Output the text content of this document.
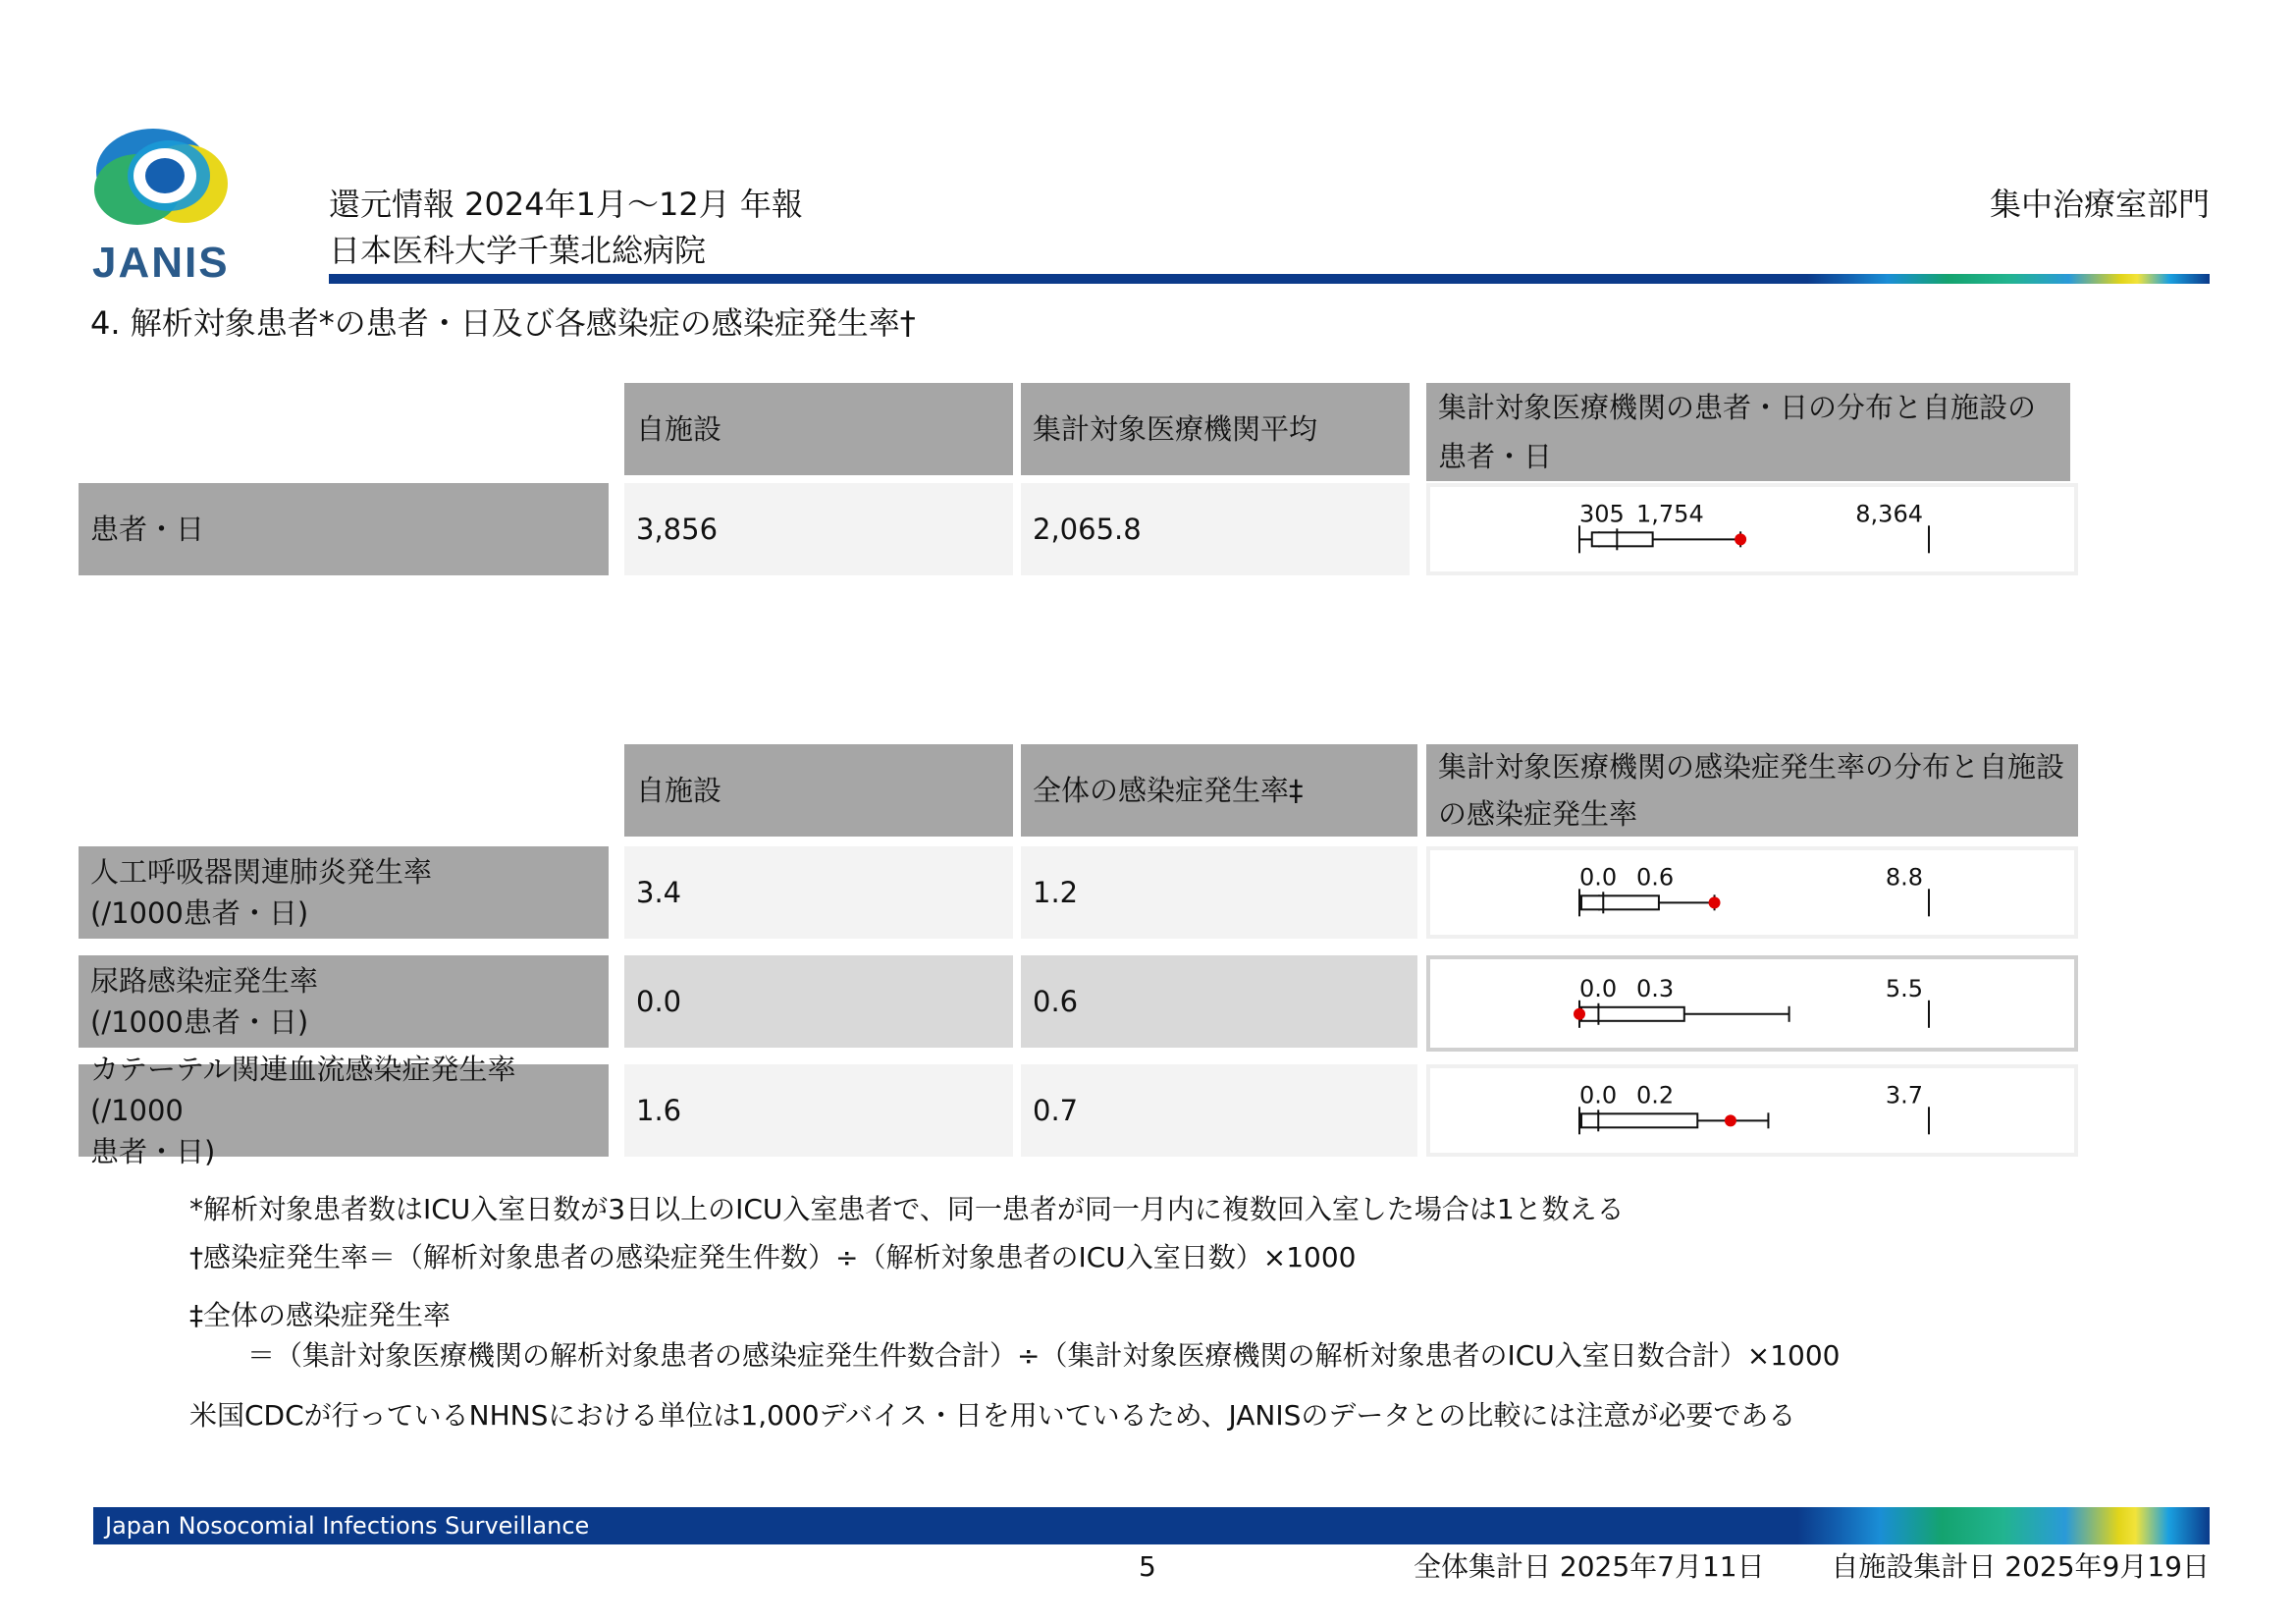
JANIS
還元情報 2024年1月～12月 年報
日本医科大学千葉北総病院
集中治療室部門
4. 解析対象患者*の患者・日及び各感染症の感染症発生率†
自施設	集計対象医療機関平均
集計対象医療機関の患者・日の分布と自施設の患者・日
患者・日	3,856	2,065.8	305 1,754	8,364
自施設	全体の感染症発生率‡
集計対象医療機関の感染症発生率の分布と自施設の感染症発生率
人工呼吸器関連肺炎発生率
(/1000患者・日)
3.4	1.2	0.0 0.6	8.8
尿路感染症発生率
(/1000患者・日)
0.0	0.6	0.0 0.3	5.5
カテーテル関連血流感染症発生率(/1000
患者・日)
1.6	0.7	0.0 0.2	3.7
*解析対象患者数はICU入室日数が3日以上のICU入室患者で、同一患者が同一月内に複数回入室した場合は1と数える
†感染症発生率＝（解析対象患者の感染症発生件数）÷（解析対象患者のICU入室日数）×1000
‡全体の感染症発生率
＝（集計対象医療機関の解析対象患者の感染症発生件数合計）÷（集計対象医療機関の解析対象患者のICU入室日数合計）×1000
米国CDCが行っているNHNSにおける単位は1,000デバイス・日を用いているため、JANISのデータとの比較には注意が必要である
Japan Nosocomial Infections Surveillance
5	全体集計日 2025年7月11日 自施設集計日 2025年9月19日
